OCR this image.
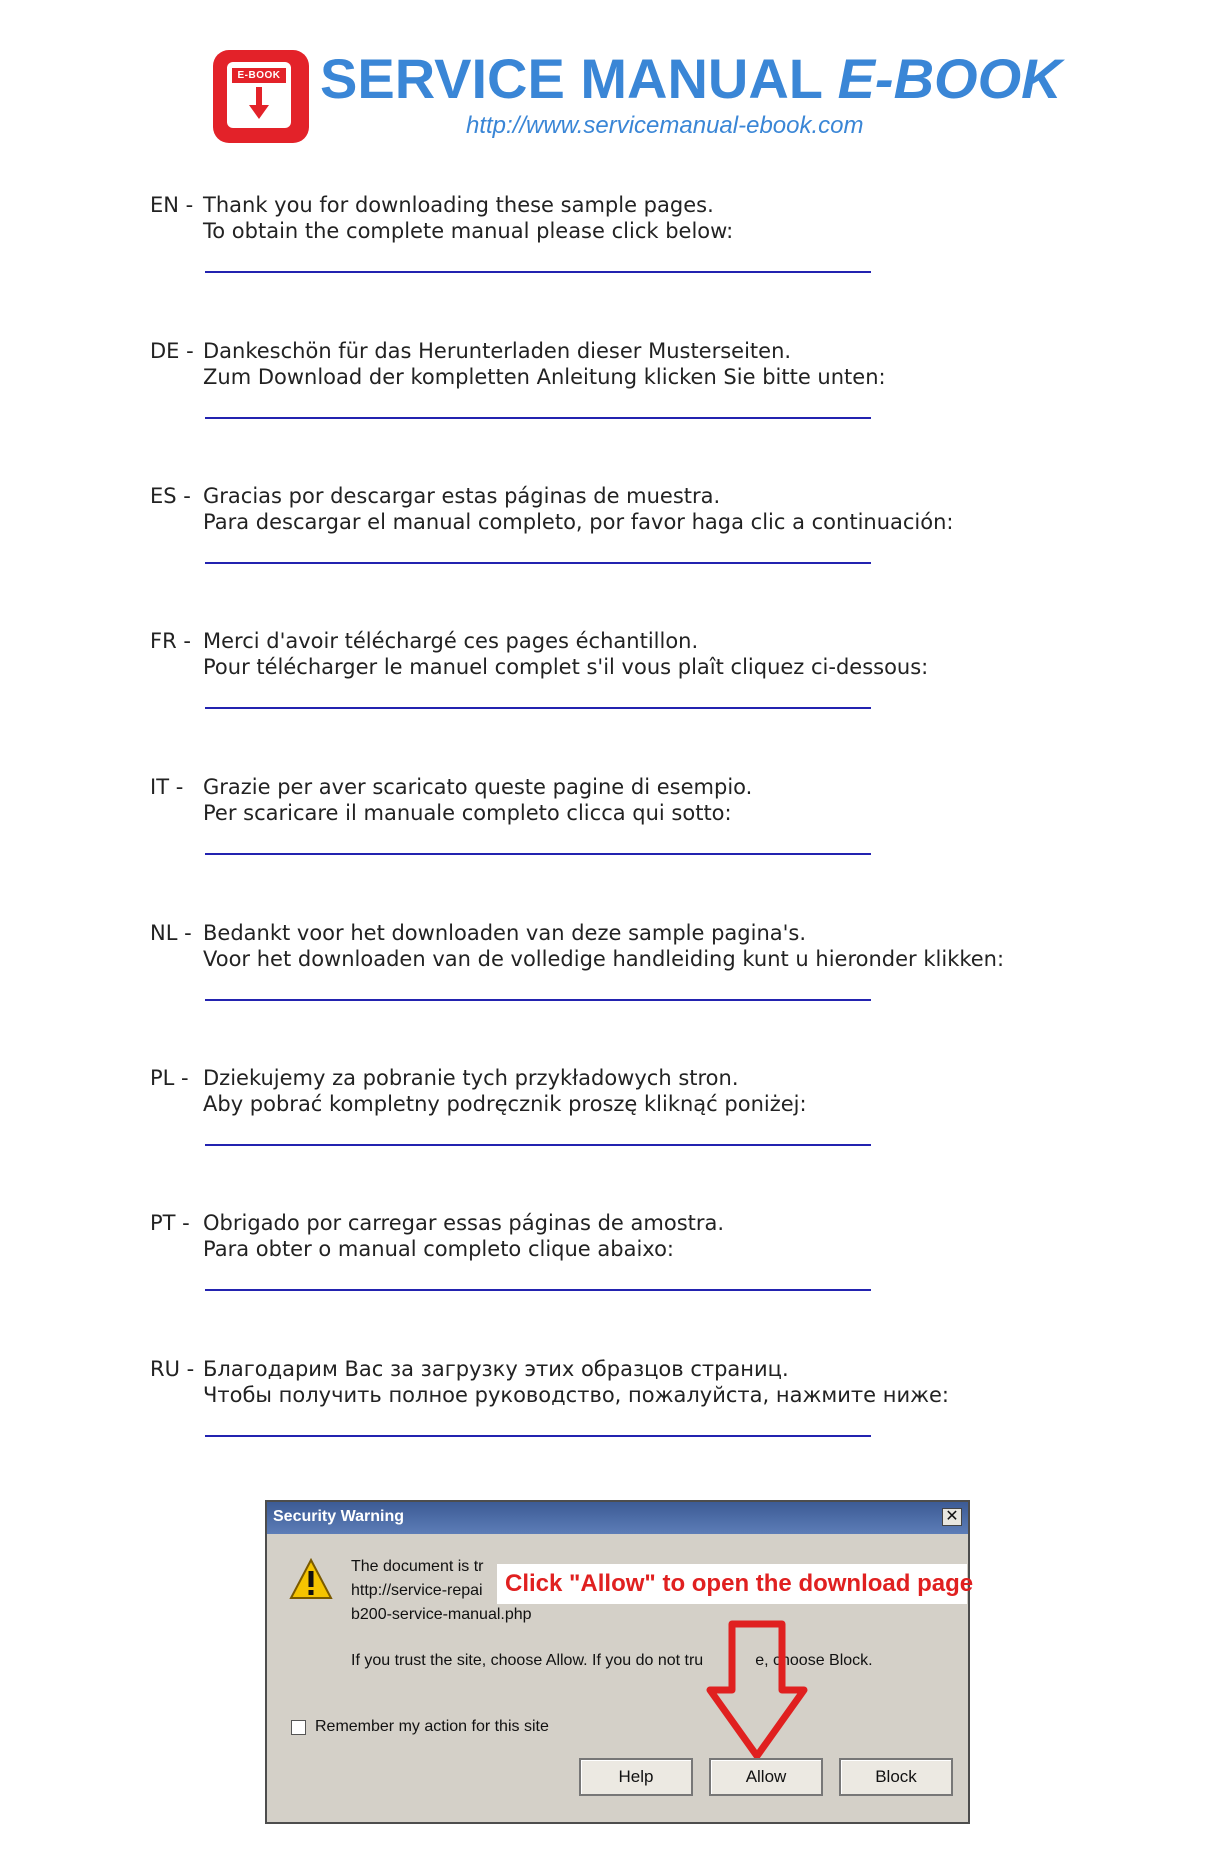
E-BOOK SERVICE MANUAL E-BOOK
http://www.servicemanual-ebook.com
EN - Thank you for downloading these sample pages.
To obtain the complete manual please click below:
DE - Dankeschön für das Herunterladen dieser Musterseiten.
Zum Download der kompletten Anleitung klicken Sie bitte unten:
ES - Gracias por descargar estas páginas de muestra.
Para descargar el manual completo, por favor haga clic a continuación:
FR - Merci d'avoir téléchargé ces pages échantillon.
Pour télécharger le manuel complet s'il vous plaît cliquez ci-dessous:
IT - Grazie per aver scaricato queste pagine di esempio.
Per scaricare il manuale completo clicca qui sotto:
NL - Bedankt voor het downloaden van deze sample pagina's.
Voor het downloaden van de volledige handleiding kunt u hieronder klikken:
PL - Dziekujemy za pobranie tych przykładowych stron.
Aby pobrać kompletny podręcznik proszę kliknąć poniżej:
PT - Obrigado por carregar essas páginas de amostra.
Para obter o manual completo clique abaixo:
RU - Благодарим Вас за загрузку этих образцов страниц.
Чтобы получить полное руководство, пожалуйста, нажмите ниже:
Security Warning	✕
The document is tr
http://service-repai
b200-service-manual.php
If you trust the site, choose Allow. If you do not tru	e, choose Block.
Click "Allow" to open the download page
Remember my action for this site
Help	Allow	Block
